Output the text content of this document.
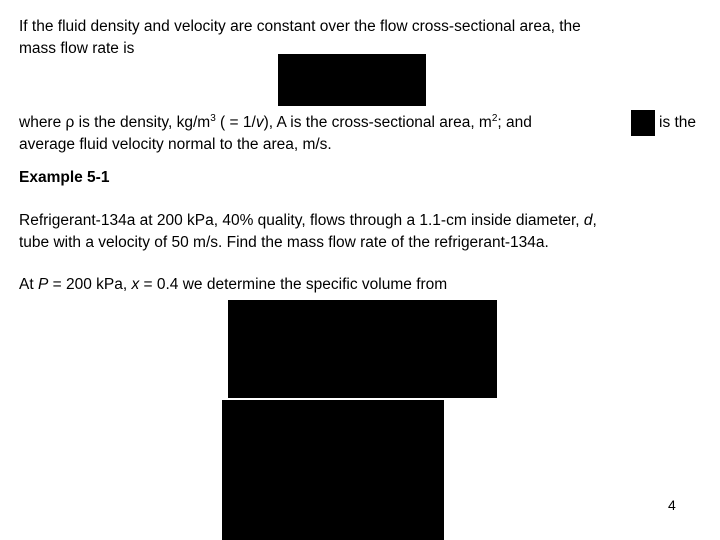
If the fluid density and velocity are constant over the flow cross-sectional area, the
mass flow rate is
where ρ is the density, $kg/m^3$ ( = 1/v), A is the cross-sectional area, $m^2$; and	is the
average fluid velocity normal to the area, m/s.
Example 5-1
Refrigerant-134a at 200 kPa, 40% quality, flows through a 1.1-cm inside diameter, d,
tube with a velocity of 50 m/s. Find the mass flow rate of the refrigerant-134a.
At P = 200 kPa, x = 0.4 we determine the specific volume from
4
